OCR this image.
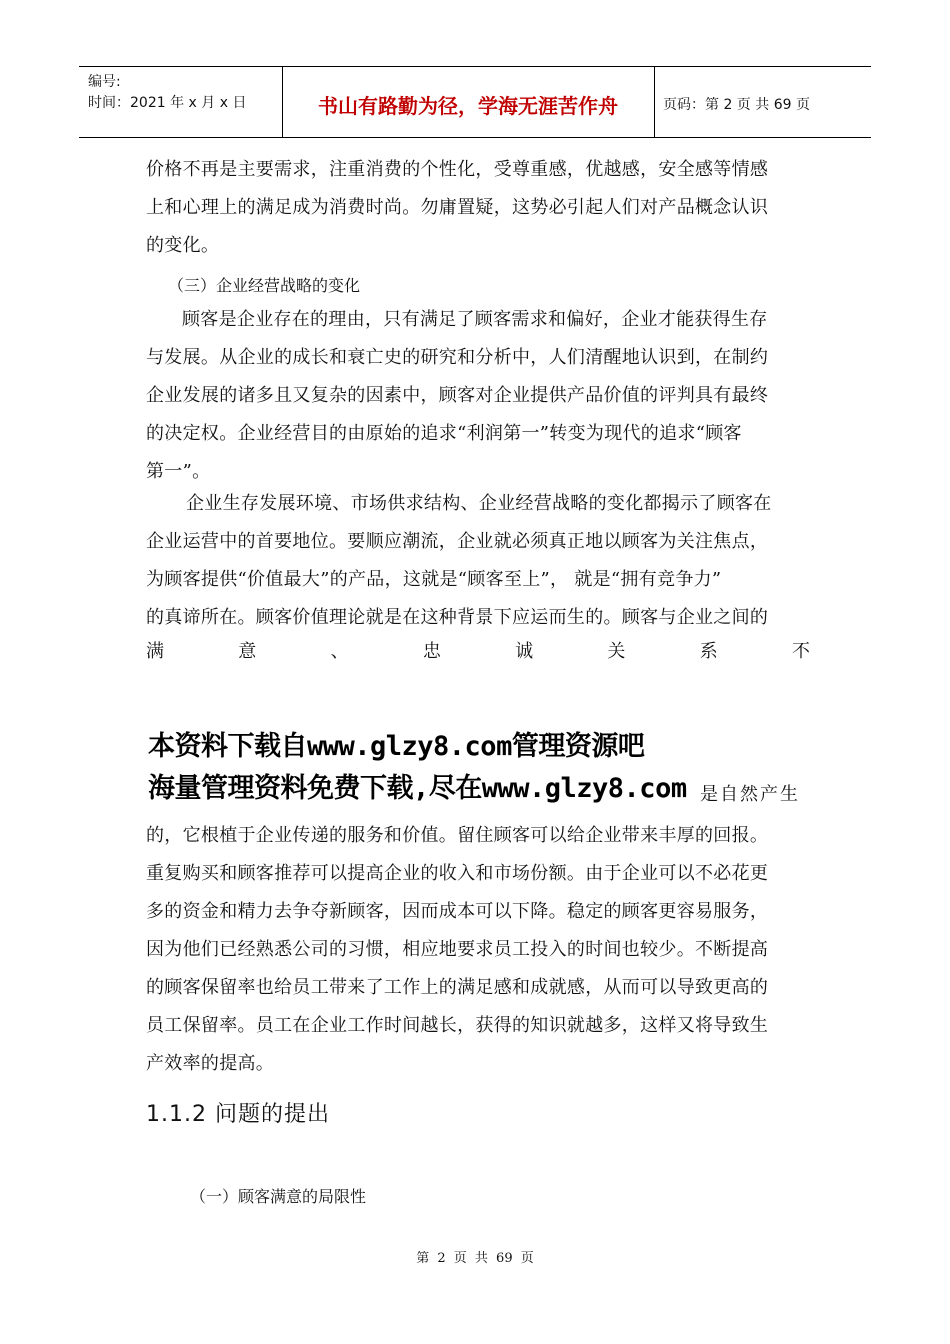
编号:
时间：2021 年 x 月 x 日	书山有路勤为径，学海无涯苦作舟	页码：第 2 页 共 69 页

价格不再是主要需求，注重消费的个性化，受尊重感，优越感，安全感等情感

上和心理上的满足成为消费时尚。勿庸置疑，这势必引起人们对产品概念认识

的变化。

（三）企业经营战略的变化

顾客是企业存在的理由，只有满足了顾客需求和偏好，企业才能获得生存

与发展。从企业的成长和衰亡史的研究和分析中，人们清醒地认识到，在制约

企业发展的诸多且又复杂的因素中，顾客对企业提供产品价值的评判具有最终

的决定权。企业经营目的由原始的追求“利润第一”转变为现代的追求“顾客

第一”。

企业生存发展环境、市场供求结构、企业经营战略的变化都揭示了顾客在

企业运营中的首要地位。要顺应潮流，企业就必须真正地以顾客为关注焦点，

为顾客提供“价值最大”的产品，这就是“顾客至上”， 就是“拥有竞争力”

的真谛所在。顾客价值理论就是在这种背景下应运而生的。顾客与企业之间的

满	意	、	忠	诚	关	系	不
本资料下载自www.glzy8.com管理资源吧
海量管理资料免费下载,尽在www.glzy8.com 是自然产生

的，它根植于企业传递的服务和价值。留住顾客可以给企业带来丰厚的回报。

重复购买和顾客推荐可以提高企业的收入和市场份额。由于企业可以不必花更

多的资金和精力去争夺新顾客，因而成本可以下降。稳定的顾客更容易服务，

因为他们已经熟悉公司的习惯，相应地要求员工投入的时间也较少。不断提高

的顾客保留率也给员工带来了工作上的满足感和成就感，从而可以导致更高的

员工保留率。员工在企业工作时间越长，获得的知识就越多，这样又将导致生

产效率的提高。

1.1.2 问题的提出
（一）顾客满意的局限性
第 2 页 共 69 页
